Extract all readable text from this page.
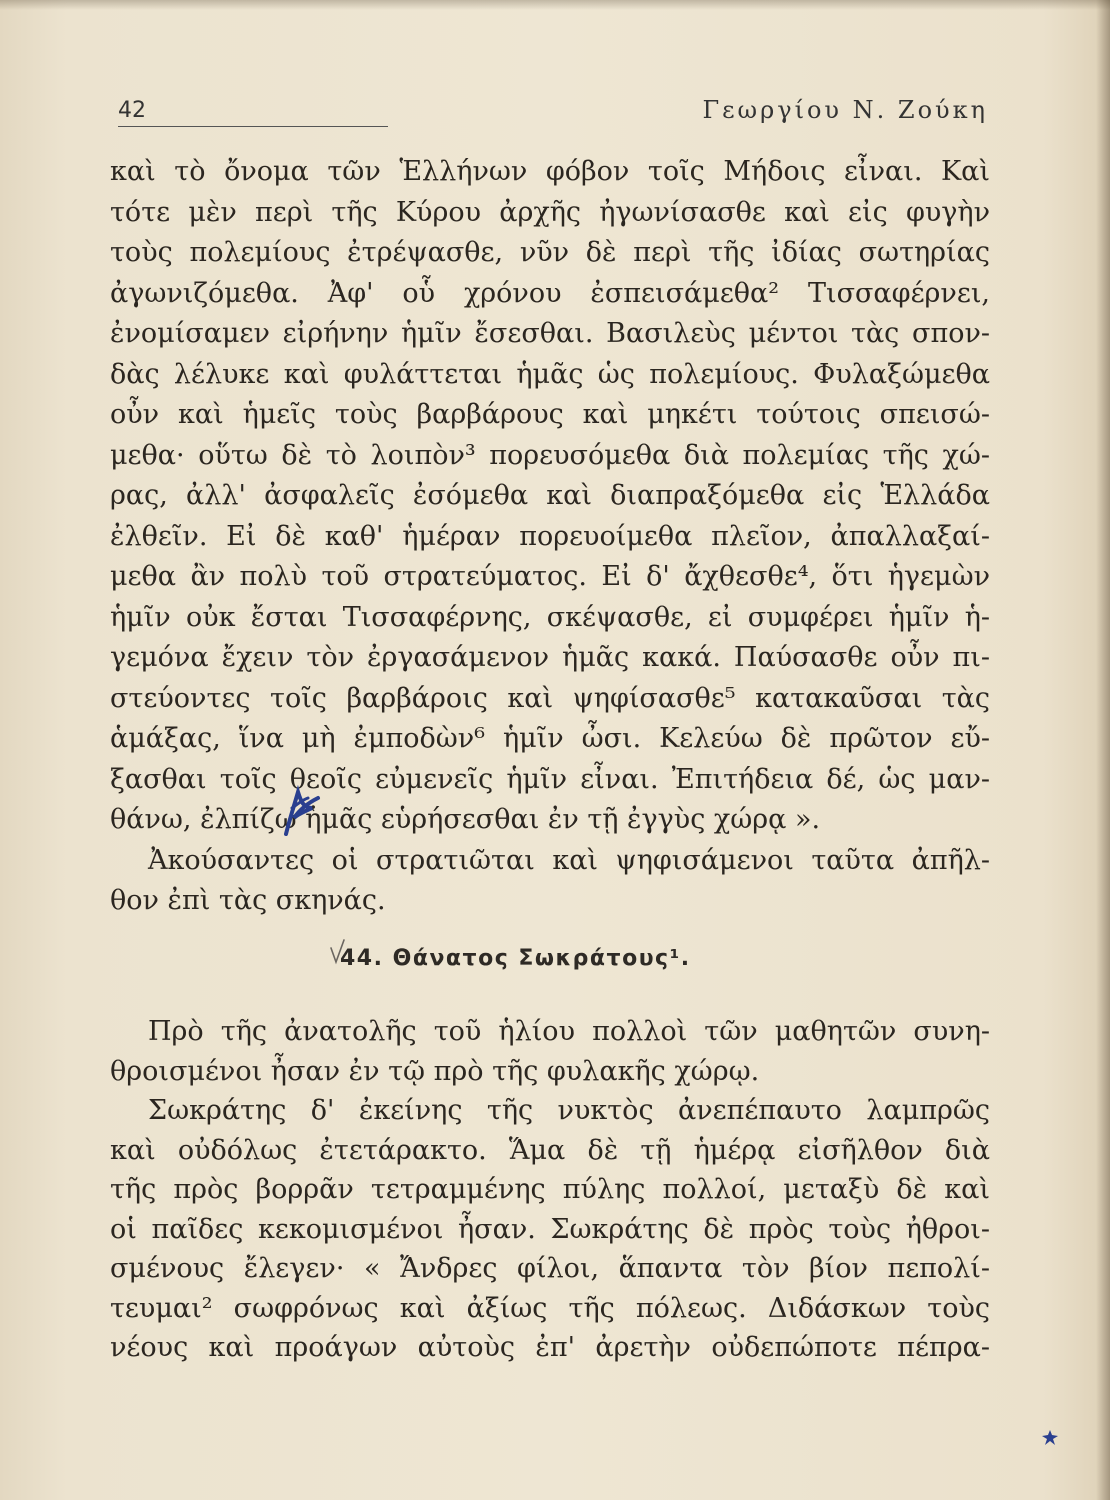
42	Γεωργίου Ν. Ζούκη
καὶ τὸ ὄνομα τῶν Ἑλλήνων φόβον τοῖς Μήδοις εἶναι. Καὶ
τότε μὲν περὶ τῆς Κύρου ἀρχῆς ἠγωνίσασθε καὶ εἰς φυγὴν
τοὺς πολεμίους ἐτρέψασθε, νῦν δὲ περὶ τῆς ἰδίας σωτηρίας
ἀγωνιζόμεθα. Ἀφ' οὗ χρόνου ἐσπεισάμεθα² Τισσαφέρνει,
ἐνομίσαμεν εἰρήνην ἡμῖν ἔσεσθαι. Βασιλεὺς μέντοι τὰς σπον-
δὰς λέλυκε καὶ φυλάττεται ἡμᾶς ὡς πολεμίους. Φυλαξώμεθα
οὖν καὶ ἡμεῖς τοὺς βαρβάρους καὶ μηκέτι τούτοις σπεισώ-
μεθα· οὕτω δὲ τὸ λοιπὸν³ πορευσόμεθα διὰ πολεμίας τῆς χώ-
ρας, ἀλλ' ἀσφαλεῖς ἐσόμεθα καὶ διαπραξόμεθα εἰς Ἑλλάδα
ἐλθεῖν. Εἰ δὲ καθ' ἡμέραν πορευοίμεθα πλεῖον, ἀπαλλαξαί-
μεθα ἂν πολὺ τοῦ στρατεύματος. Εἰ δ' ἄχθεσθε⁴, ὅτι ἡγεμὼν
ἡμῖν οὐκ ἔσται Τισσαφέρνης, σκέψασθε, εἰ συμφέρει ἡμῖν ἡ-
γεμόνα ἔχειν τὸν ἐργασάμενον ἡμᾶς κακά. Παύσασθε οὖν πι-
στεύοντες τοῖς βαρβάροις καὶ ψηφίσασθε⁵ κατακαῦσαι τὰς
ἁμάξας, ἵνα μὴ ἐμποδὼν⁶ ἡμῖν ὦσι. Κελεύω δὲ πρῶτον εὔ-
ξασθαι τοῖς θεοῖς εὐμενεῖς ἡμῖν εἶναι. Ἐπιτήδεια δέ, ὡς μαν-
θάνω, ἐλπίζω ἡμᾶς εὑρήσεσθαι ἐν τῇ ἐγγὺς χώρᾳ ».
Ἀκούσαντες οἱ στρατιῶται καὶ ψηφισάμενοι ταῦτα ἀπῆλ-
θον ἐπὶ τὰς σκηνάς.
44. Θάνατος Σωκράτους¹.
Πρὸ τῆς ἀνατολῆς τοῦ ἡλίου πολλοὶ τῶν μαθητῶν συνη-
θροισμένοι ἦσαν ἐν τῷ πρὸ τῆς φυλακῆς χώρῳ.
Σωκράτης δ' ἐκείνης τῆς νυκτὸς ἀνεπέπαυτο λαμπρῶς
καὶ οὐδόλως ἐτετάρακτο. Ἅμα δὲ τῇ ἡμέρᾳ εἰσῆλθον διὰ
τῆς πρὸς βορρᾶν τετραμμένης πύλης πολλοί, μεταξὺ δὲ καὶ
οἱ παῖδες κεκομισμένοι ἦσαν. Σωκράτης δὲ πρὸς τοὺς ἠθροι-
σμένους ἔλεγεν· « Ἄνδρες φίλοι, ἅπαντα τὸν βίον πεπολί-
τευμαι² σωφρόνως καὶ ἀξίως τῆς πόλεως. Διδάσκων τοὺς
νέους καὶ προάγων αὐτοὺς ἐπ' ἀρετὴν οὐδεπώποτε πέπρα-
